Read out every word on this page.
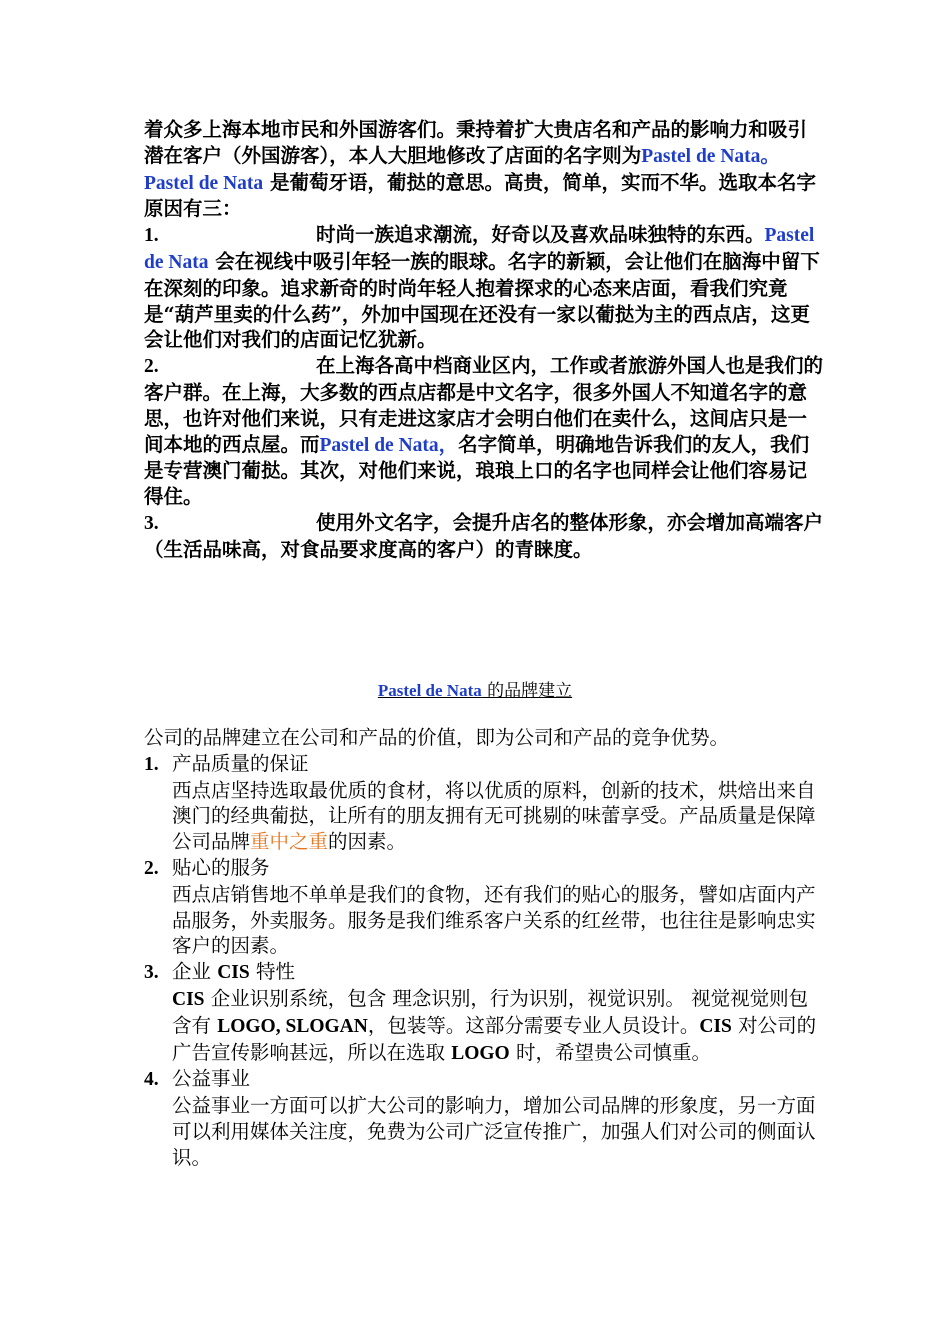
着众多上海本地市民和外国游客们。秉持着扩大贵店名和产品的影响力和吸引潜在客户（外国游客），本人大胆地修改了店面的名字则为Pastel de Nata。

Pastel de Nata 是葡萄牙语，葡挞的意思。高贵，简单，实而不华。选取本名字原因有三：

1.	时尚一族追求潮流，好奇以及喜欢品味独特的东西。Pastel de Nata 会在视线中吸引年轻一族的眼球。名字的新颖，会让他们在脑海中留下在深刻的印象。追求新奇的时尚年轻人抱着探求的心态来店面，看我们究竟是“葫芦里卖的什么药”，外加中国现在还没有一家以葡挞为主的西点店，这更会让他们对我们的店面记忆犹新。

2.	在上海各高中档商业区内，工作或者旅游外国人也是我们的客户群。在上海，大多数的西点店都是中文名字，很多外国人不知道名字的意思，也许对他们来说，只有走进这家店才会明白他们在卖什么，这间店只是一间本地的西点屋。而Pastel de Nata，名字简单，明确地告诉我们的友人，我们是专营澳门葡挞。其次，对他们来说，琅琅上口的名字也同样会让他们容易记得住。

3.	使用外文名字，会提升店名的整体形象，亦会增加高端客户（生活品味高，对食品要求度高的客户）的青睐度。

Pastel de Nata 的品牌建立

公司的品牌建立在公司和产品的价值，即为公司和产品的竞争优势。

1. 产品质量的保证

西点店坚持选取最优质的食材，将以优质的原料，创新的技术，烘焙出来自澳门的经典葡挞，让所有的朋友拥有无可挑剔的味蕾享受。产品质量是保障公司品牌重中之重的因素。

2. 贴心的服务

西点店销售地不单单是我们的食物，还有我们的贴心的服务，譬如店面内产品服务，外卖服务。服务是我们维系客户关系的红丝带，也往往是影响忠实客户的因素。

3. 企业 CIS 特性

CIS 企业识别系统，包含 理念识别，行为识别，视觉识别。 视觉视觉则包含有 LOGO, SLOGAN，包装等。这部分需要专业人员设计。CIS 对公司的广告宣传影响甚远，所以在选取 LOGO 时，希望贵公司慎重。

4. 公益事业

公益事业一方面可以扩大公司的影响力，增加公司品牌的形象度，另一方面可以利用媒体关注度，免费为公司广泛宣传推广，加强人们对公司的侧面认识。
